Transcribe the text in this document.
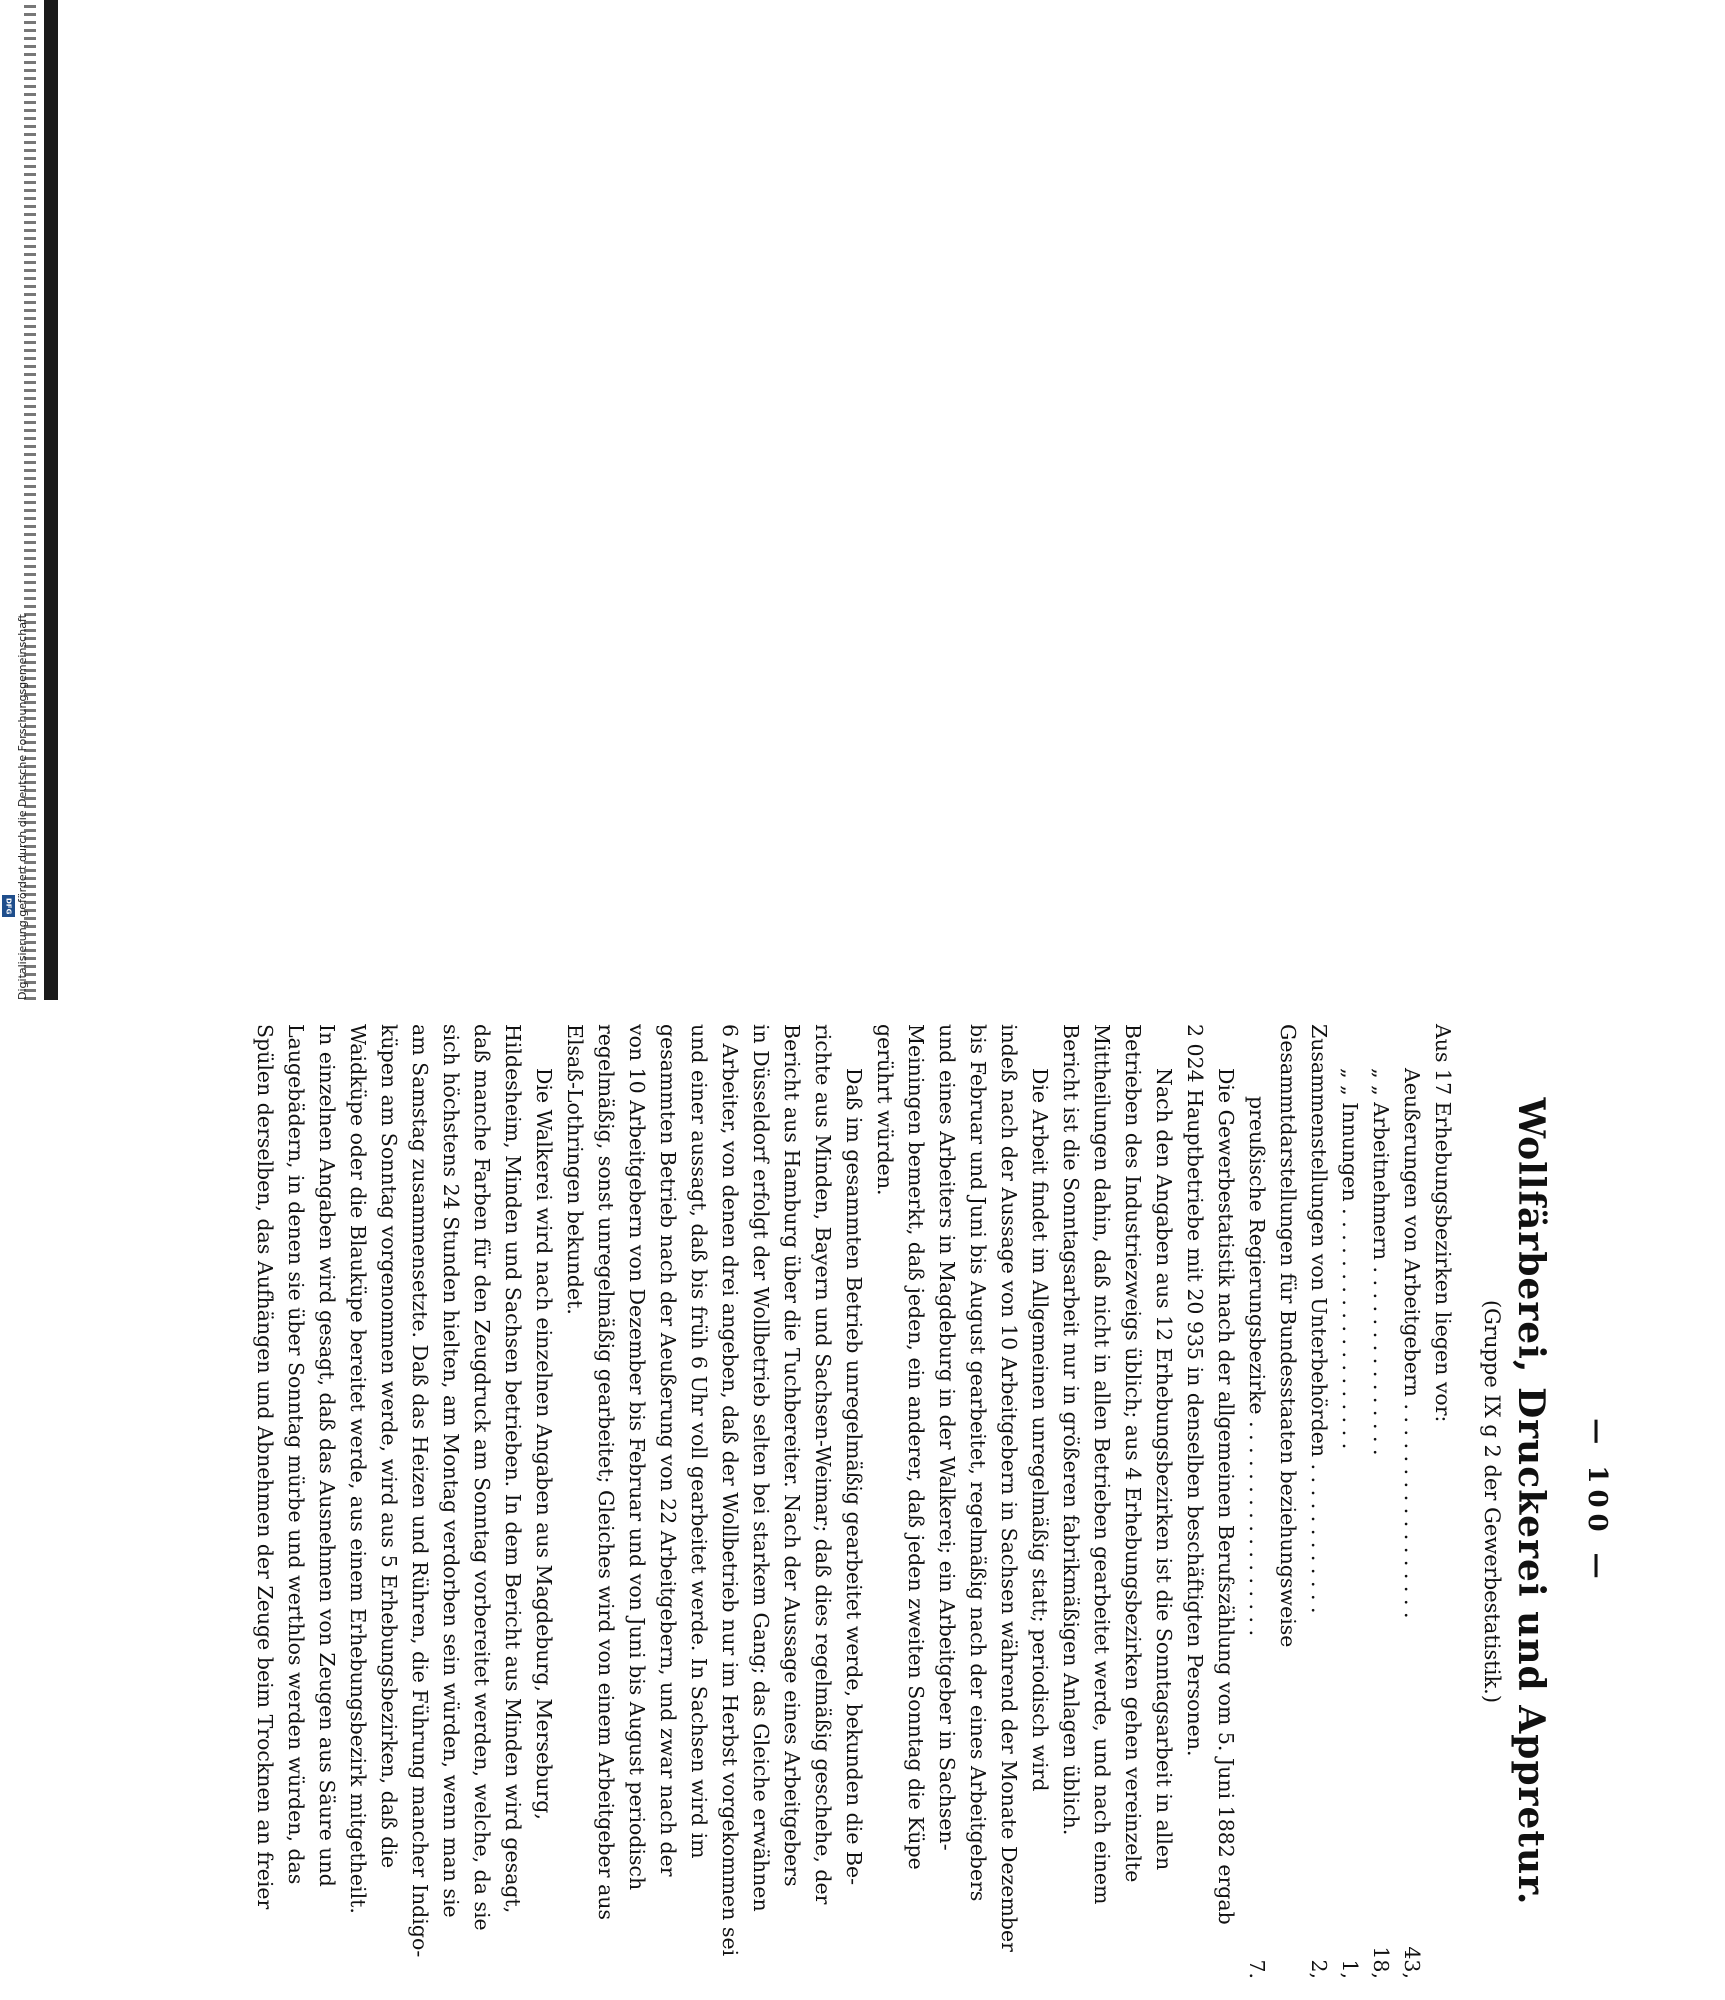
Digitalisierung gefördert durch die Deutsche Forschungsgemeinschaft
DFG

— 100 —

Wollfärberei, Druckerei und Appretur.

(Gruppe IX g 2 der Gewerbestatistik.)

Aus 17 Erhebungsbezirken liegen vor:

Aeußerungen von Arbeitgebern . . . . . . . . . . . . . . . . .
43,
„ „ Arbeitnehmern . . . . . . . . . . . . . . .
18,
„ „ Innungen . . . . . . . . . . . . . . . . . . .
1,
Zusammenstellungen von Unterbehörden . . . . . . . . . . . .
2,
Gesammtdarstellungen für Bundesstaaten beziehungsweise
preußische Regierungsbezirke . . . . . . . . . . . . . . . . .
7.

Die Gewerbestatistik nach der allgemeinen Berufszählung vom 5. Juni 1882 ergab

2 024 Hauptbetriebe mit 20 935 in denselben beschäftigten Personen.

Nach den Angaben aus 12 Erhebungsbezirken ist die Sonntagsarbeit in allen

Betrieben des Industriezweigs üblich; aus 4 Erhebungsbezirken gehen vereinzelte

Mittheilungen dahin, daß nicht in allen Betrieben gearbeitet werde, und nach einem

Bericht ist die Sonntagsarbeit nur in größeren fabrikmäßigen Anlagen üblich.

Die Arbeit findet im Allgemeinen unregelmäßig statt; periodisch wird

indeß nach der Aussage von 10 Arbeitgebern in Sachsen während der Monate Dezember

bis Februar und Juni bis August gearbeitet, regelmäßig nach der eines Arbeitgebers

und eines Arbeiters in Magdeburg in der Walkerei; ein Arbeitgeber in Sachsen-

Meiningen bemerkt, daß jeden, ein anderer, daß jeden zweiten Sonntag die Küpe

gerührt würden.

Daß im gesammten Betrieb unregelmäßig gearbeitet werde, bekunden die Be-

richte aus Minden, Bayern und Sachsen-Weimar; daß dies regelmäßig geschehe, der

Bericht aus Hamburg über die Tuchbereiter. Nach der Aussage eines Arbeitgebers

in Düsseldorf erfolgt der Wollbetrieb selten bei starkem Gang; das Gleiche erwähnen

6 Arbeiter, von denen drei angeben, daß der Wollbetrieb nur im Herbst vorgekommen sei

und einer aussagt, daß bis früh 6 Uhr voll gearbeitet werde. In Sachsen wird im

gesammten Betrieb nach der Aeußerung von 22 Arbeitgebern, und zwar nach der

von 10 Arbeitgebern von Dezember bis Februar und von Juni bis August periodisch

regelmäßig, sonst unregelmäßig gearbeitet; Gleiches wird von einem Arbeitgeber aus

Elsaß-Lothringen bekundet.

Die Walkerei wird nach einzelnen Angaben aus Magdeburg, Merseburg,

Hildesheim, Minden und Sachsen betrieben. In dem Bericht aus Minden wird gesagt,

daß manche Farben für den Zeugdruck am Sonntag vorbereitet werden, welche, da sie

sich höchstens 24 Stunden hielten, am Montag verdorben sein würden, wenn man sie

am Samstag zusammensetzte. Daß das Heizen und Rühren, die Führung mancher Indigo-

küpen am Sonntag vorgenommen werde, wird aus 5 Erhebungsbezirken, daß die

Waidküpe oder die Blauküpe bereitet werde, aus einem Erhebungsbezirk mitgetheilt.

In einzelnen Angaben wird gesagt, daß das Ausnehmen von Zeugen aus Säure und

Laugebädern, in denen sie über Sonntag mürbe und werthlos werden würden, das

Spülen derselben, das Aufhängen und Abnehmen der Zeuge beim Trocknen an freier
